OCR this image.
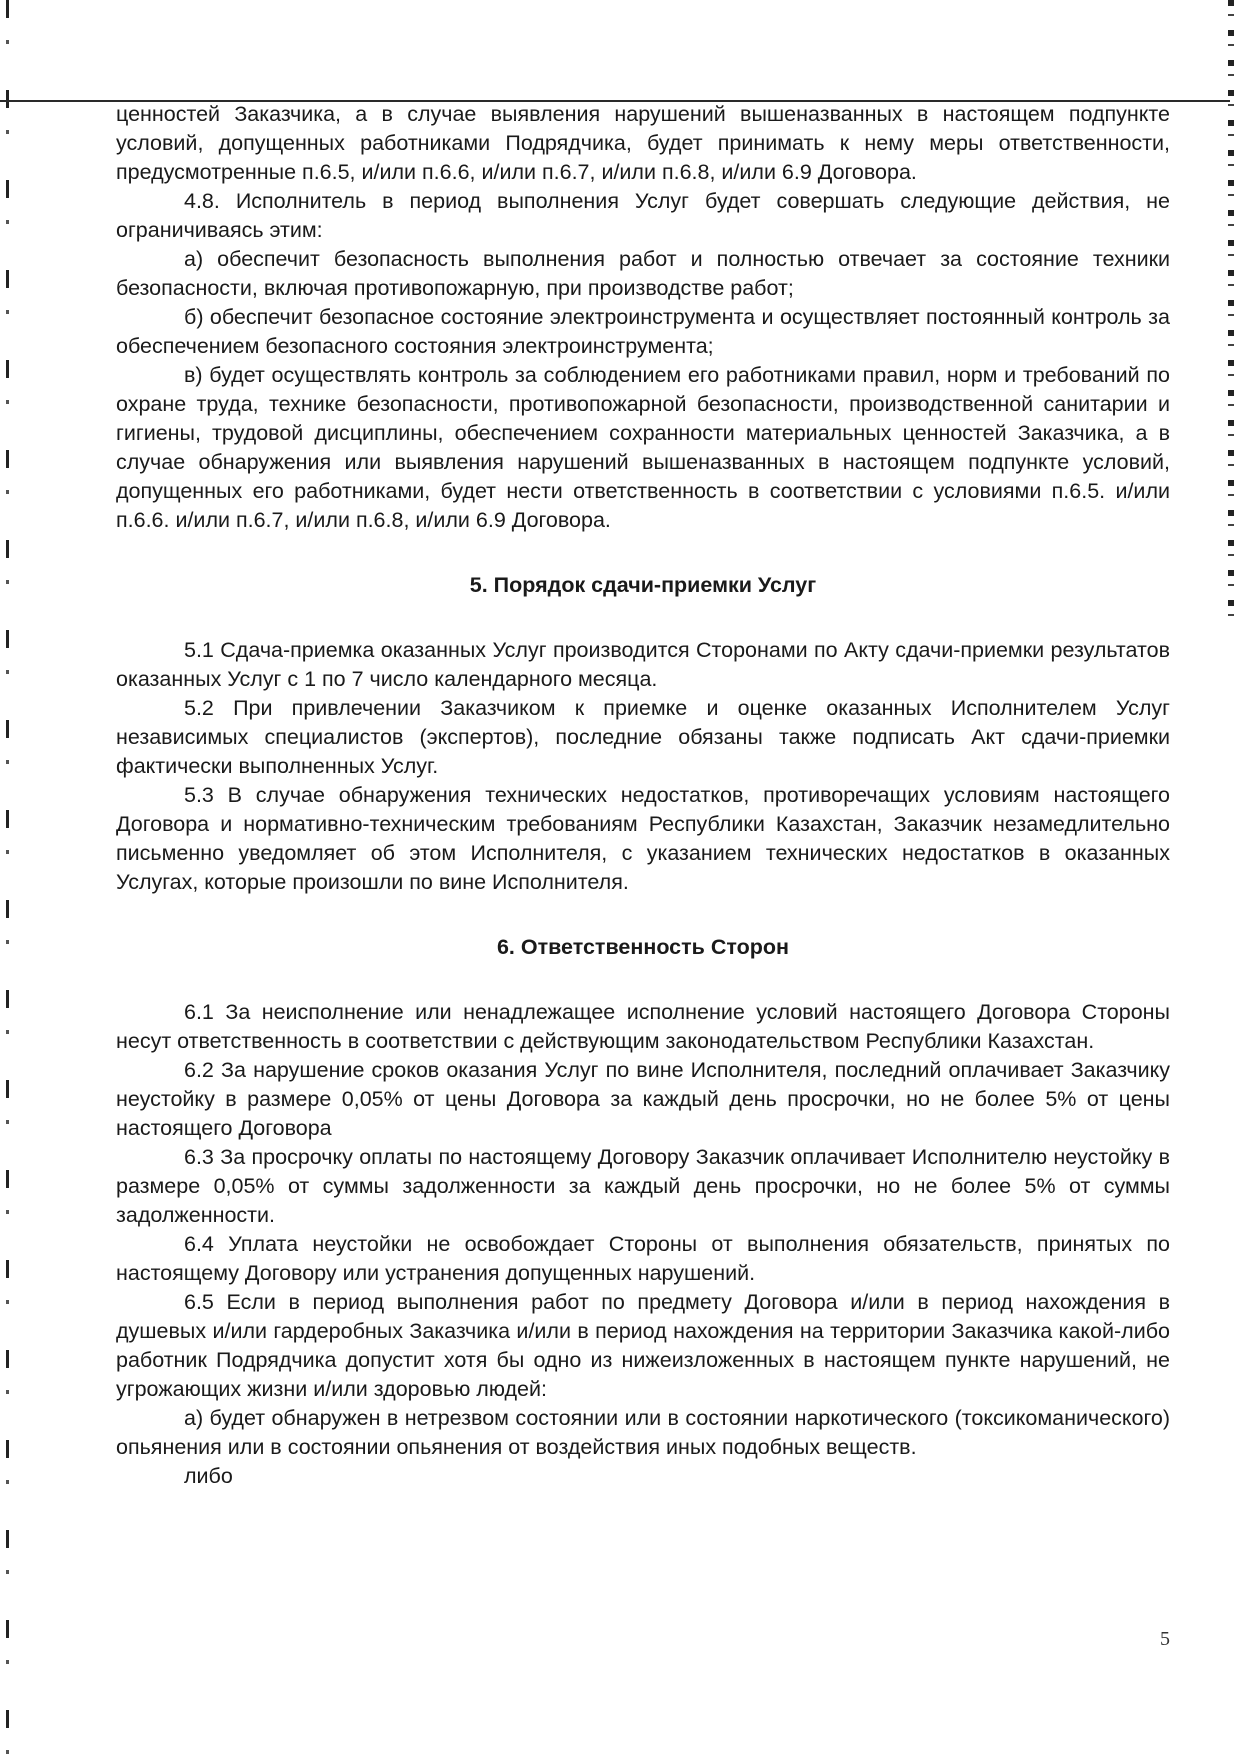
ценностей Заказчика, а в случае выявления нарушений вышеназванных в настоящем подпункте условий, допущенных работниками Подрядчика, будет принимать к нему меры ответственности, предусмотренные п.6.5, и/или п.6.6, и/или п.6.7, и/или п.6.8, и/или 6.9 Договора.

4.8. Исполнитель в период выполнения Услуг будет совершать следующие действия, не ограничиваясь этим:

а) обеспечит безопасность выполнения работ и полностью отвечает за состояние техники безопасности, включая противопожарную, при производстве работ;

б) обеспечит безопасное состояние электроинструмента и осуществляет постоянный контроль за обеспечением безопасного состояния электроинструмента;

в) будет осуществлять контроль за соблюдением его работниками правил, норм и требований по охране труда, технике безопасности, противопожарной безопасности, производственной санитарии и гигиены, трудовой дисциплины, обеспечением сохранности материальных ценностей Заказчика, а в случае обнаружения или выявления нарушений вышеназванных в настоящем подпункте условий, допущенных его работниками, будет нести ответственность в соответствии с условиями п.6.5. и/или п.6.6. и/или п.6.7, и/или п.6.8, и/или 6.9 Договора.

5. Порядок сдачи-приемки Услуг

5.1 Сдача-приемка оказанных Услуг производится Сторонами по Акту сдачи-приемки результатов оказанных Услуг с 1 по 7 число календарного месяца.

5.2 При привлечении Заказчиком к приемке и оценке оказанных Исполнителем Услуг независимых специалистов (экспертов), последние обязаны также подписать Акт сдачи-приемки фактически выполненных Услуг.

5.3 В случае обнаружения технических недостатков, противоречащих условиям настоящего Договора и нормативно-техническим требованиям Республики Казахстан, Заказчик незамедлительно письменно уведомляет об этом Исполнителя, с указанием технических недостатков в оказанных Услугах, которые произошли по вине Исполнителя.

6. Ответственность Сторон

6.1 За неисполнение или ненадлежащее исполнение условий настоящего Договора Стороны несут ответственность в соответствии с действующим законодательством Республики Казахстан.

6.2 За нарушение сроков оказания Услуг по вине Исполнителя, последний оплачивает Заказчику неустойку в размере 0,05% от цены Договора за каждый день просрочки, но не более 5% от цены настоящего Договора

6.3 За просрочку оплаты по настоящему Договору Заказчик оплачивает Исполнителю неустойку в размере 0,05% от суммы задолженности за каждый день просрочки, но не более 5% от суммы задолженности.

6.4 Уплата неустойки не освобождает Стороны от выполнения обязательств, принятых по настоящему Договору или устранения допущенных нарушений.

6.5 Если в период выполнения работ по предмету Договора и/или в период нахождения в душевых и/или гардеробных Заказчика и/или в период нахождения на территории Заказчика какой-либо работник Подрядчика допустит хотя бы одно из нижеизложенных в настоящем пункте нарушений, не угрожающих жизни и/или здоровью людей:

а) будет обнаружен в нетрезвом состоянии или в состоянии наркотического (токсикоманического) опьянения или в состоянии опьянения от воздействия иных подобных веществ.

либо

5
